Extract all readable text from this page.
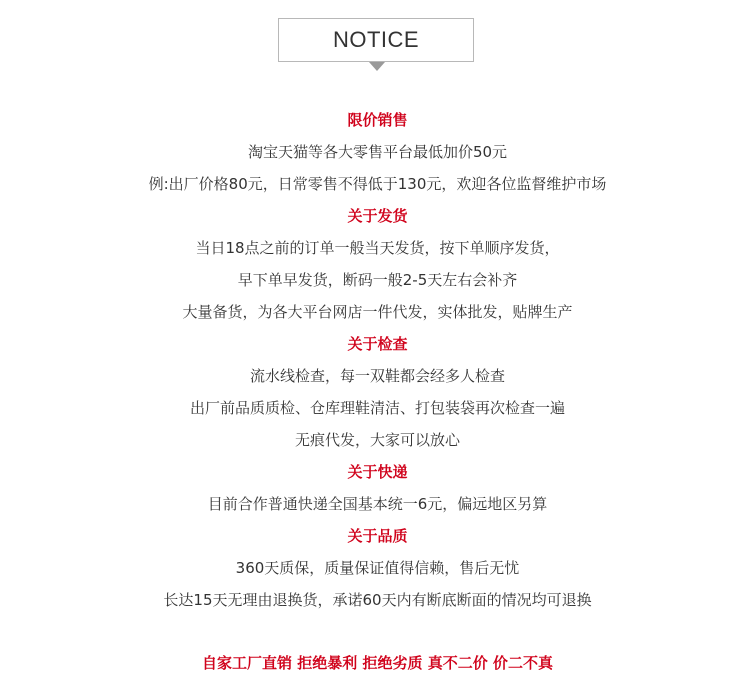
NOTICE
限价销售
淘宝天猫等各大零售平台最低加价50元
例:出厂价格80元，日常零售不得低于130元，欢迎各位监督维护市场
关于发货
当日18点之前的订单一般当天发货，按下单顺序发货，
早下单早发货，断码一般2-5天左右会补齐
大量备货，为各大平台网店一件代发，实体批发，贴牌生产
关于检查
流水线检查，每一双鞋都会经多人检查
出厂前品质质检、仓库理鞋清洁、打包装袋再次检查一遍
无痕代发，大家可以放心
关于快递
目前合作普通快递全国基本统一6元，偏远地区另算
关于品质
360天质保，质量保证值得信赖，售后无忧
长达15天无理由退换货，承诺60天内有断底断面的情况均可退换
自家工厂直销 拒绝暴利 拒绝劣质 真不二价 价二不真
